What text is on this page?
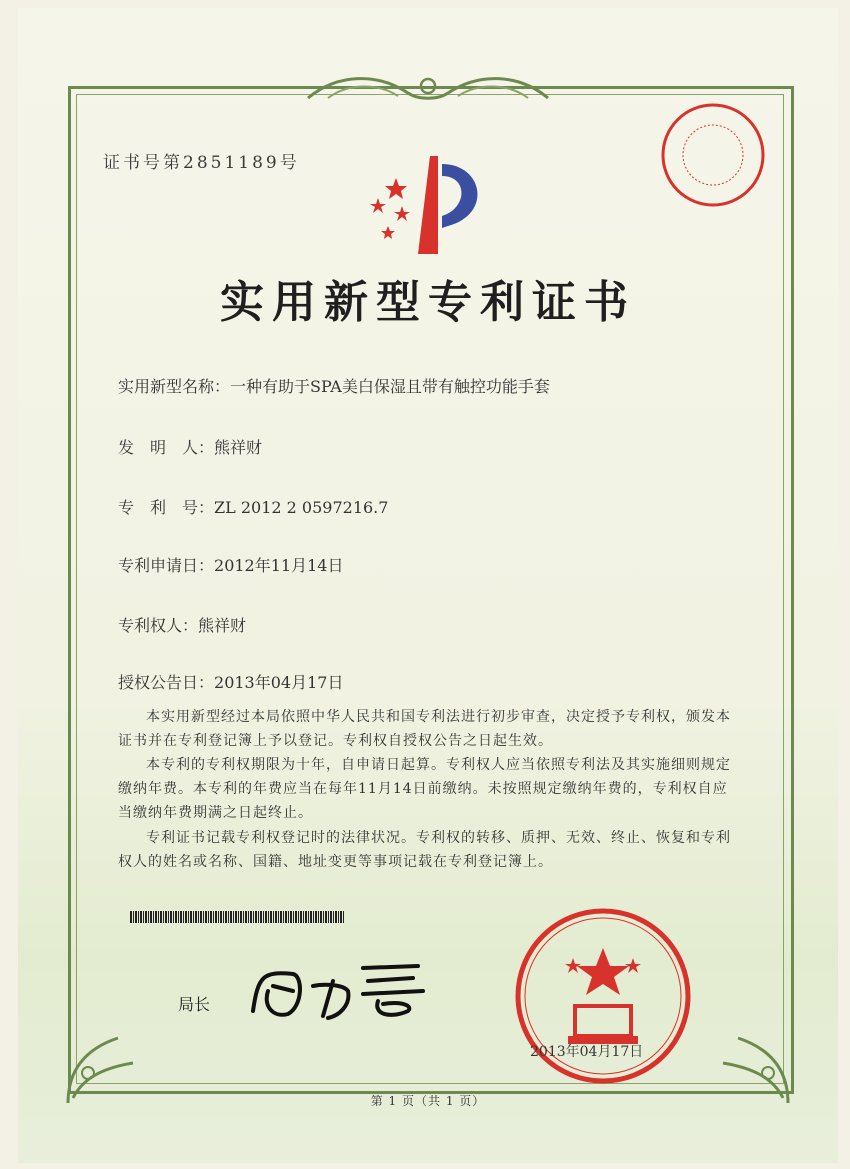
证书号第2851189号
实用新型专利证书
实用新型名称：一种有助于SPA美白保湿且带有触控功能手套
发　明　人：熊祥财
专　利　号：ZL 2012 2 0597216.7
专利申请日：2012年11月14日
专利权人：熊祥财
授权公告日：2013年04月17日
本实用新型经过本局依照中华人民共和国专利法进行初步审查，决定授予专利权，颁发本证书并在专利登记簿上予以登记。专利权自授权公告之日起生效。
本专利的专利权期限为十年，自申请日起算。专利权人应当依照专利法及其实施细则规定缴纳年费。本专利的年费应当在每年11月14日前缴纳。未按照规定缴纳年费的，专利权自应当缴纳年费期满之日起终止。
专利证书记载专利权登记时的法律状况。专利权的转移、质押、无效、终止、恢复和专利权人的姓名或名称、国籍、地址变更等事项记载在专利登记簿上。
局长
2013年04月17日
第 1 页（共 1 页）
